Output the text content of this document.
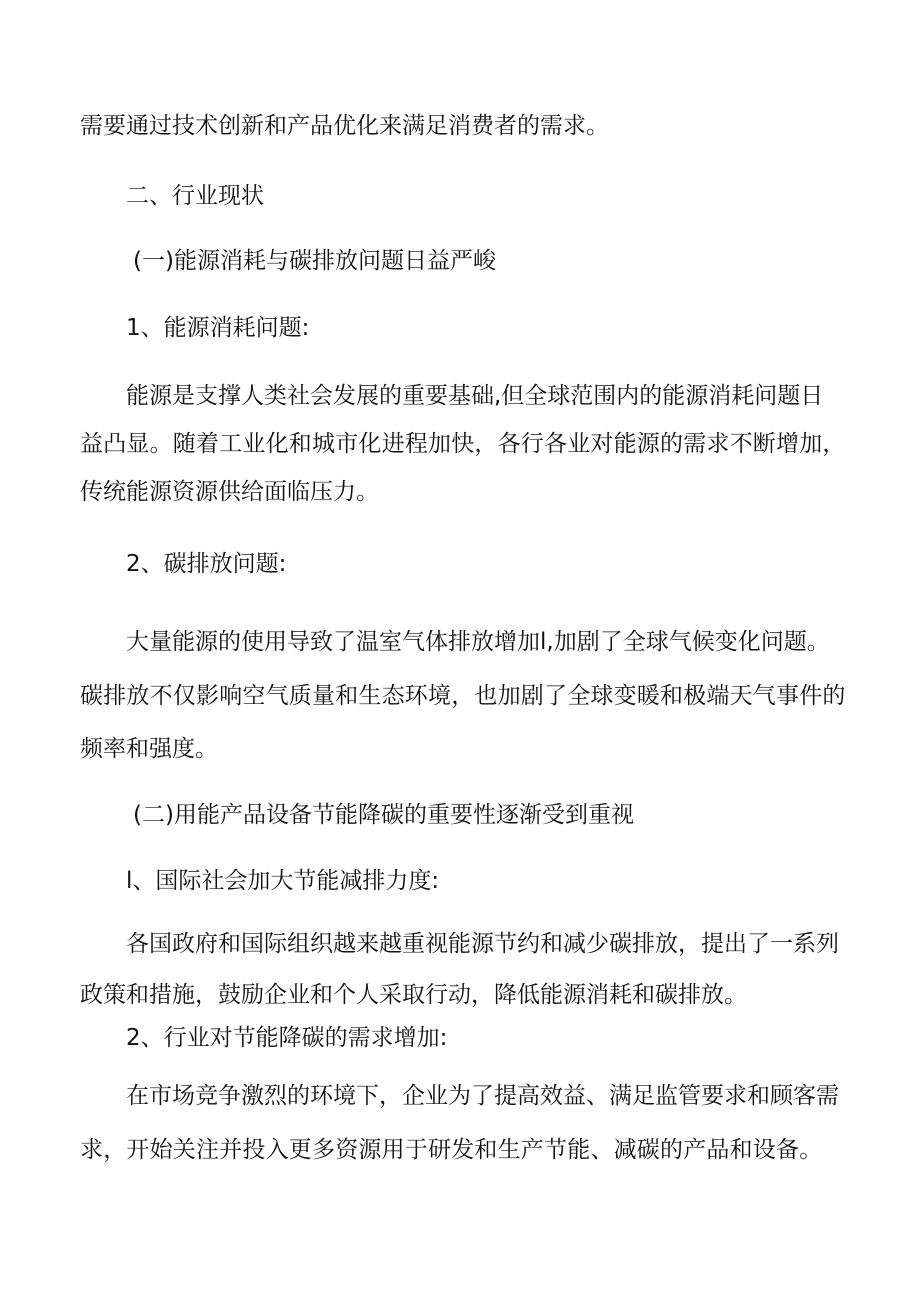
需要通过技术创新和产品优化来满足消费者的需求。
二、行业现状
(一)能源消耗与碳排放问题日益严峻
1、能源消耗问题:
能源是支撑人类社会发展的重要基础,但全球范围内的能源消耗问题日
益凸显。随着工业化和城市化进程加快，各行各业对能源的需求不断增加，
传统能源资源供给面临压力。
2、碳排放问题:
大量能源的使用导致了温室气体排放增加l,加剧了全球气候变化问题。
碳排放不仅影响空气质量和生态环境，也加剧了全球变暖和极端天气事件的
频率和强度。
(二)用能产品设备节能降碳的重要性逐渐受到重视
l、国际社会加大节能减排力度:
各国政府和国际组织越来越重视能源节约和减少碳排放，提出了一系列
政策和措施，鼓励企业和个人采取行动，降低能源消耗和碳排放。
2、行业对节能降碳的需求增加:
在市场竞争激烈的环境下，企业为了提高效益、满足监管要求和顾客需
求，开始关注并投入更多资源用于研发和生产节能、减碳的产品和设备。
